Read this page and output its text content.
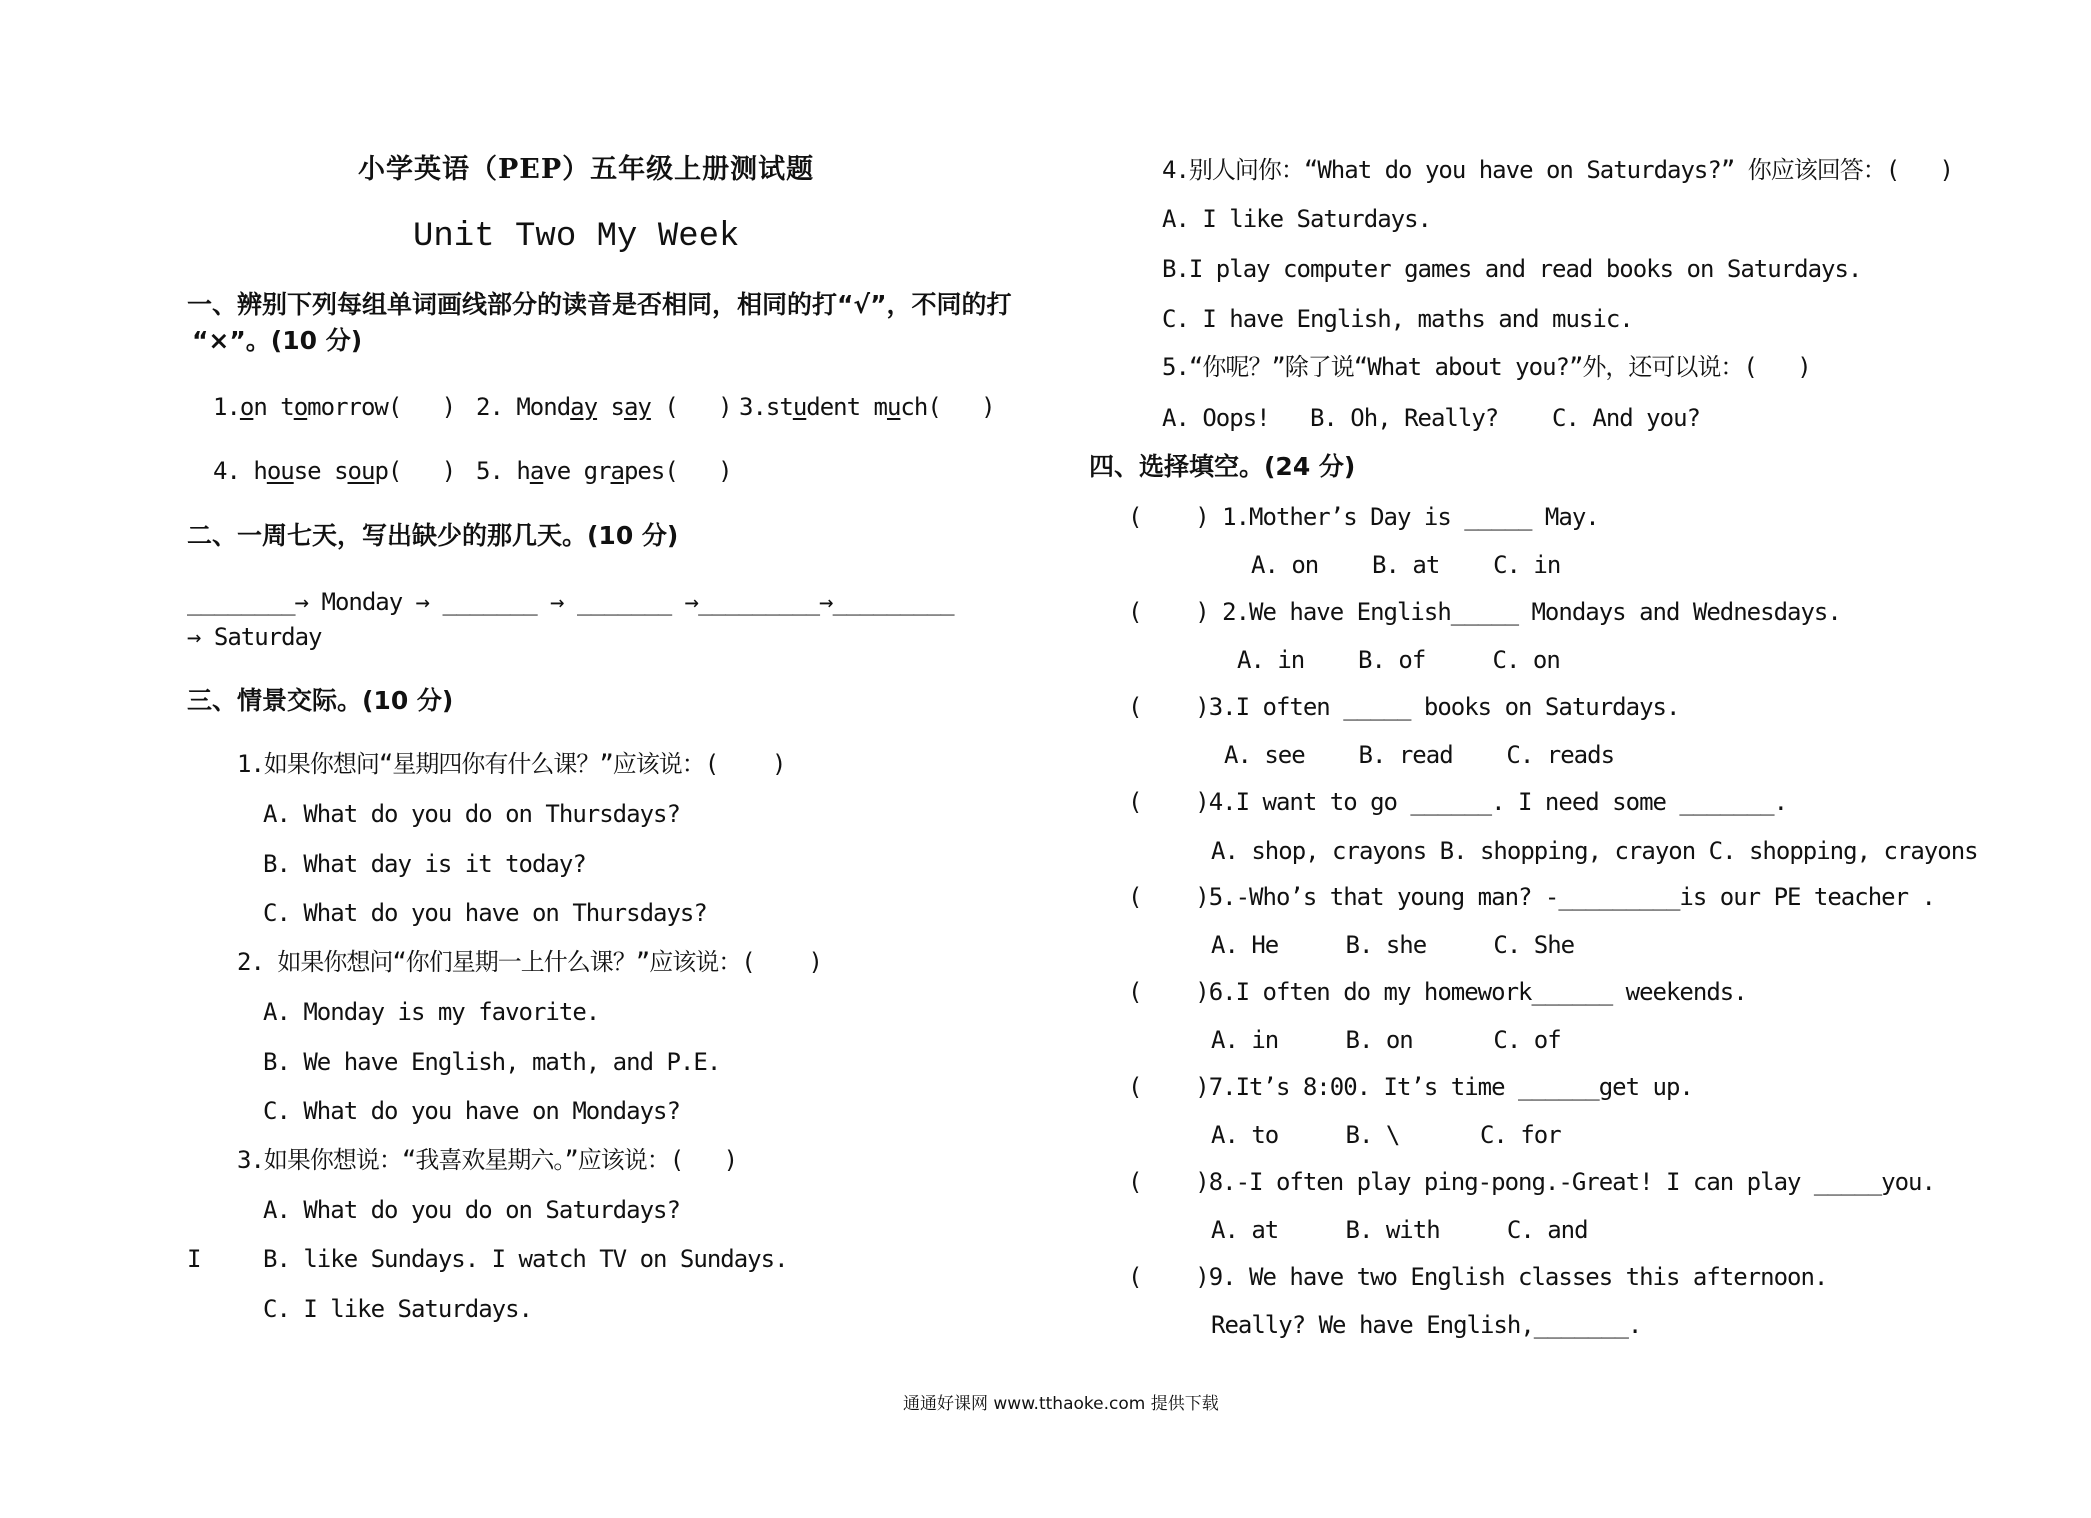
小学英语（PEP）五年级上册测试题
Unit Two My Week
一、辨别下列每组单词画线部分的读音是否相同，相同的打“√”，不同的打
“×”。(10 分)
1.on tomorrow(   ) 2. Monday say (   ) 3.student much(   )
4. house soup(   ) 5. have grapes(   )
二、一周七天，写出缺少的那几天。(10 分)
________→ Monday → _______ → _______ →_________→_________
→ Saturday
三、情景交际。(10 分)
1.如果你想问“星期四你有什么课？”应该说：(    )
A. What do you do on Thursdays?
B. What day is it today?
C. What do you have on Thursdays?
2. 如果你想问“你们星期一上什么课？”应该说：(    )
A. Monday is my favorite.
B. We have English, math, and P.E.
C. What do you have on Mondays?
3.如果你想说：“我喜欢星期六。”应该说：(   )
A. What do you do on Saturdays?
I	B. like Sundays. I watch TV on Sundays.
C. I like Saturdays.
4.别人问你：“What do you have on Saturdays?” 你应该回答：(   )
A. I like Saturdays.
B.I play computer games and read books on Saturdays.
C. I have English, maths and music.
5.“你呢？”除了说“What about you?”外，还可以说：(   )
A. Oops!   B. Oh, Really?    C. And you?
四、选择填空。(24 分)
(    ) 1.Mother’s Day is _____ May.
A. on    B. at    C. in
(    ) 2.We have English_____ Mondays and Wednesdays.
A. in    B. of     C. on
(    )3.I often _____ books on Saturdays.
A. see    B. read    C. reads
(    )4.I want to go ______. I need some _______.
A. shop, crayons B. shopping, crayon C. shopping, crayons
(    )5.-Who’s that young man? -_________is our PE teacher .
A. He     B. she     C. She
(    )6.I often do my homework______ weekends.
A. in     B. on      C. of
(    )7.It’s 8:00. It’s time ______get up.
A. to     B. \      C. for
(    )8.-I often play ping-pong.-Great! I can play _____you.
A. at     B. with     C. and
(    )9. We have two English classes this afternoon.
Really? We have English,_______.
通通好课网 www.tthaoke.com 提供下载
